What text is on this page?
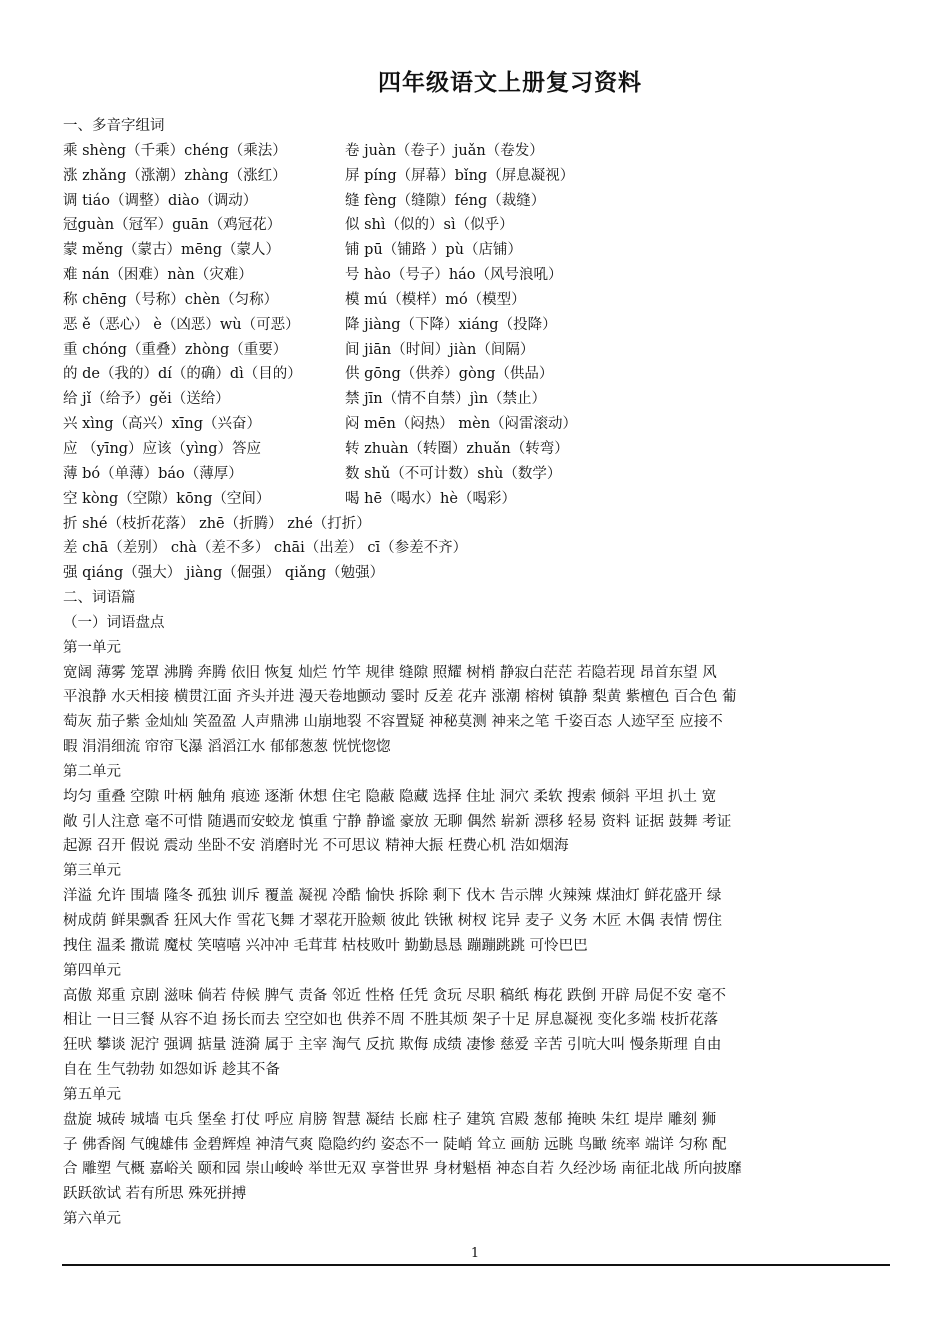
四年级语文上册复习资料
一、多音字组词
乘 shèng（千乘）chéng（乘法）	卷 juàn（卷子）juǎn（卷发）
涨 zhǎng（涨潮）zhàng（涨红）	屏 píng（屏幕）bǐng（屏息凝视）
调 tiáo（调整）diào（调动）	缝 fèng（缝隙）féng（裁缝）
冠guàn（冠军）guān（鸡冠花）	似 shì（似的）sì（似乎）
蒙 měng（蒙古）mēng（蒙人）	铺 pū（铺路 ）pù（店铺）
难 nán（困难）nàn（灾难）	号 hào（号子）háo（风号浪吼）
称 chēng（号称）chèn（匀称）	模 mú（模样）mó（模型）
恶 ě（恶心） è（凶恶）wù（可恶）	降 jiàng（下降）xiáng（投降）
重 chóng（重叠）zhòng（重要）	间 jiān（时间）jiàn（间隔）
的 de（我的）dí（的确）dì（目的）	供 gōng（供养）gòng（供品）
给 jǐ（给予）gěi（送给）	禁 jīn（情不自禁）jìn（禁止）
兴 xìng（高兴）xīng（兴奋）	闷 mēn（闷热） mèn（闷雷滚动）
应 （yīng）应该（yìng）答应	转 zhuàn（转圈）zhuǎn（转弯）
薄 bó（单薄）báo（薄厚）	数 shǔ（不可计数）shù（数学）
空 kòng（空隙）kōng（空间）	喝 hē（喝水）hè（喝彩）
折 shé（枝折花落） zhē（折腾） zhé（打折）
差 chā（差别） chà（差不多） chāi（出差） cī（参差不齐）
强 qiáng（强大） jiàng（倔强） qiǎng（勉强）
二、词语篇
（一）词语盘点
第一单元
宽阔 薄雾 笼罩 沸腾 奔腾 依旧 恢复 灿烂 竹竿 规律 缝隙 照耀 树梢 静寂白茫茫 若隐若现 昂首东望 风
平浪静 水天相接 横贯江面 齐头并进 漫天卷地颤动 霎时 反差 花卉 涨潮 榕树 镇静 梨黄 紫檀色 百合色 葡
萄灰 茄子紫 金灿灿 笑盈盈 人声鼎沸 山崩地裂 不容置疑 神秘莫测 神来之笔 千姿百态 人迹罕至 应接不
暇 涓涓细流 帘帘飞瀑 滔滔江水 郁郁葱葱 恍恍惚惚
第二单元
均匀 重叠 空隙 叶柄 触角 痕迹 逐渐 休想 住宅 隐蔽 隐藏 选择 住址 洞穴 柔软 搜索 倾斜 平坦 扒土 宽
敞 引人注意 毫不可惜 随遇而安蛟龙 慎重 宁静 静谧 豪放 无聊 偶然 崭新 漂移 轻易 资料 证据 鼓舞 考证
起源 召开 假说 震动 坐卧不安 消磨时光 不可思议 精神大振 枉费心机 浩如烟海
第三单元
洋溢 允许 围墙 隆冬 孤独 训斥 覆盖 凝视 冷酷 愉快 拆除 剩下 伐木 告示牌 火辣辣 煤油灯 鲜花盛开 绿
树成荫 鲜果飘香 狂风大作 雪花飞舞 才翠花开脸颊 彼此 铁锹 树杈 诧异 麦子 义务 木匠 木偶 表情 愣住
拽住 温柔 撒谎 魔杖 笑嘻嘻 兴冲冲 毛茸茸 枯枝败叶 勤勤恳恳 蹦蹦跳跳 可怜巴巴
第四单元
高傲 郑重 京剧 滋味 倘若 侍候 脾气 责备 邻近 性格 任凭 贪玩 尽职 稿纸 梅花 跌倒 开辟 局促不安 毫不
相让 一日三餐 从容不迫 扬长而去 空空如也 供养不周 不胜其烦 架子十足 屏息凝视 变化多端 枝折花落
狂吠 攀谈 泥泞 强调 掂量 涟漪 属于 主宰 淘气 反抗 欺侮 成绩 凄惨 慈爱 辛苦 引吭大叫 慢条斯理 自由
自在 生气勃勃 如怨如诉 趁其不备
第五单元
盘旋 城砖 城墙 屯兵 堡垒 打仗 呼应 肩膀 智慧 凝结 长廊 柱子 建筑 宫殿 葱郁 掩映 朱红 堤岸 雕刻 狮
子 佛香阁 气魄雄伟 金碧辉煌 神清气爽 隐隐约约 姿态不一 陡峭 耸立 画舫 远眺 鸟瞰 统率 端详 匀称 配
合 雕塑 气概 嘉峪关 颐和园 崇山峻岭 举世无双 享誉世界 身材魁梧 神态自若 久经沙场 南征北战 所向披靡
跃跃欲试 若有所思 殊死拼搏
第六单元
1
